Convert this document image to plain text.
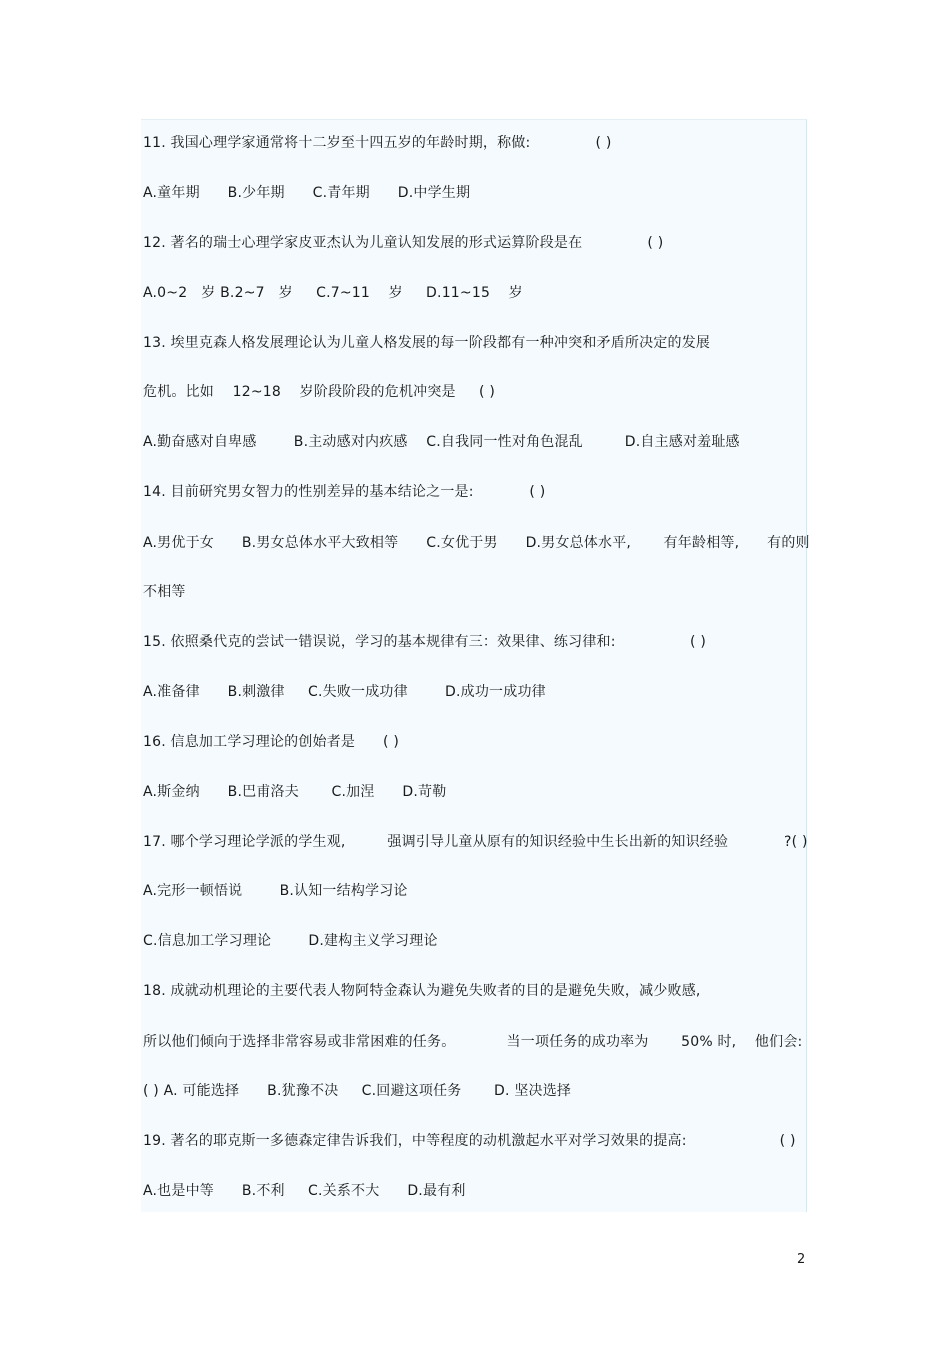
11. 我国心理学家通常将十二岁至十四五岁的年龄时期，称做:              ( )
A.童年期      B.少年期      C.青年期      D.中学生期
12. 著名的瑞士心理学家皮亚杰认为儿童认知发展的形式运算阶段是在              ( )
A.0~2   岁 B.2~7   岁     C.7~11    岁     D.11~15    岁
13. 埃里克森人格发展理论认为儿童人格发展的每一阶段都有一种冲突和矛盾所决定的发展
危机。比如    12~18    岁阶段阶段的危机冲突是     ( )
A.勤奋感对自卑感        B.主动感对内疚感    C.自我同一性对角色混乱         D.自主感对羞耻感
14. 目前研究男女智力的性别差异的基本结论之一是:            ( )
A.男优于女      B.男女总体水平大致相等      C.女优于男      D.男女总体水平,       有年龄相等,      有的则
不相等
15. 依照桑代克的尝试一错误说，学习的基本规律有三：效果律、练习律和:                ( )
A.准备律      B.刺激律     C.失败一成功律        D.成功一成功律
16. 信息加工学习理论的创始者是      ( )
A.斯金纳      B.巴甫洛夫       C.加涅      D.苛勒
17. 哪个学习理论学派的学生观,         强调引导儿童从原有的知识经验中生长出新的知识经验            ?( )
A.完形一顿悟说        B.认知一结构学习论
C.信息加工学习理论        D.建构主义学习理论
18. 成就动机理论的主要代表人物阿特金森认为避免失败者的目的是避免失败，减少败感,
所以他们倾向于选择非常容易或非常困难的任务。           当一项任务的成功率为       50% 时,    他们会:
( ) A. 可能选择      B.犹豫不决     C.回避这项任务       D. 坚决选择
19. 著名的耶克斯一多德森定律告诉我们，中等程度的动机激起水平对学习效果的提高:                    ( )
A.也是中等      B.不利     C.关系不大      D.最有利
2
